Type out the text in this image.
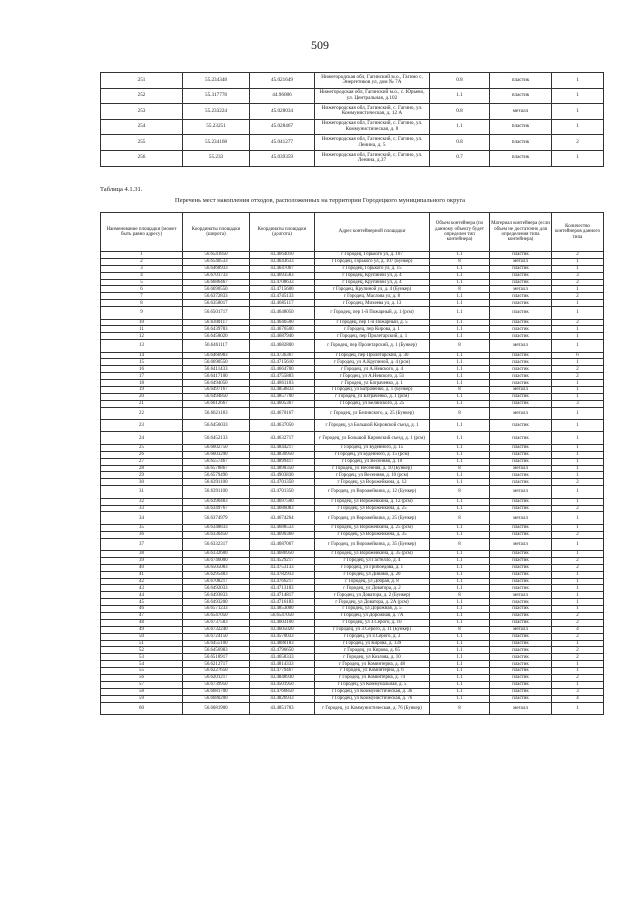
509
251	55.234348	45.021649	Нижегородская обл, Гагинский м.о., Гагино с, Энергетиков ул, дом № 7А	0.8	пластик	1
252	55.317778	44.96086	Нижегородская обл, Гагинский м.о., с. Юрьево, ул. Центральная, д.102	1.1	пластик	1
253	55.233224	45.028034	Нижегородская обл, Гагинский, с. Гагино, ул. Коммунистическая, д. 12 А	0.8	металл	1
254	55.23251	45.028467	Нижегородская обл, Гагинский, с. Гагино, ул. Коммунистическая, д. 8	1.1	пластик	1
255	55.234168	45.041277	Нижегородская обл, Гагинский, с. Гагино, ул. Ленина, д. 5	0.8	пластик	2
256	55.233	45.039359	Нижегородская обл, Гагинский, с. Гагино, ул. Ленина, д.37	0.7	пластик	1
Таблица 4.1.31.
Перечень мест накопления отходов, расположенных на территории Городецкого муниципального округа
Наименование площадки (может быть равно адресу)	Координаты площадки (широта)	Координаты площадки (долгота)	Адрес контейнерной площадки	Объем контейнера (по данному объекту будет определен тип контейнера)	Материал контейнера (если объем не достаточно для определения типа контейнера)	Количество контейнеров данного типа
1	56.6541850	43.4664010	г Городец, Горького ул, д. 107	1.1	пластик	2
2	56.6540533	43.4643633	г Городец, Горького ул, д. 107 (Бункер)	8	металл	1
3	56.6468933	43.4647067	г Городец, Горького ул, д. 15	1.1	пластик	1
4	56.6701733	43.4693583	г Городец, Крупиной ул, д. 4	1.1	пластик	3
5	56.6686467	43.4708633	г Городец, Крупиной ул, д. 4	1.1	пластик	2
6	56.6690550	43.4715600	г Городец, Крупиной ул, д. 4 (Бункер)	8	металл	1
7	56.6372833	43.4745133	г Городец, Маслова ул, д. 8	1.1	пластик	2
8	56.6358017	43.4685117	г Городец, Михеева ул, д. 13	1.1	пластик	1
9	56.6501717	43.4648050	г Городец, пер 1-й Пожарный, д. 1 (рсм)	1.1	пластик	1
10	56.6300117	43.4646500	г Городец, пер 1-й Пожарный, д. 5	1.1	пластик	2
11	56.6439783	43.4676500	г Городец, пер Кирова, д. 1	1.1	пластик	1
12	56.6458020	43.4687940	г Городец, пер Пролетарский, д. 1	1.1	пластик	1
13	56.6461117	43.4682800	г Городец, пер Пролетарский, д. 1 (Бункер)	8	металл	1
14	56.6466983	43.4736367	г Городец, пер Пролетарский, д. 30	1.1	пластик	6
15	56.6690550	43.4715610	г Городец, ул А.Крупиной, д. 4 (рсм)	1.1	пластик	1
16	56.6411433	43.4664700	г Городец, ул А.Невского, д. 4	1.1	пластик	2
17	56.6417100	43.4755883	г Городец, ул А.Невского, д. 51	1.1	пластик	2
18	56.6494050	43.4861183	г Городец, ул Батраченко, д. 1	1.1	пластик	1
19	56.6497167	43.4858833	г Городец, ул Батраченко, д. 1 (Бункер)	8	металл	1
20	56.6494850	43.4857700	г Городец, ул Батраченко, д. 1 (рсм)	1.1	пластик	1
21	56.6612667	43.4605367	г Городец, ул Белинского, д. 25	1.1	пластик	3
22	56.6621183	43.4670167	г Городец, ул Белинского, д. 25 (Бункер)	8	металл	1
23	56.6456033	43.4637050	г Городец, ул Большой Кировской съезд, д. 1	1.1	пластик	1
24	56.6452133	43.4632717	г Городец, ул Большой Кировский съезд, д. 1 (рсм)	1.1	пластик	1
25	56.6602750	43.4844217	г Городец, ул Буденного, д. 15	1.1	пластик	1
26	56.6603290	43.4830950	г Городец, ул Буденного, д. 15 (рсм)	1.1	пластик	1
27	56.6557467	43.4899417	г Городец, ул Весенняя, д. 10	1.1	пластик	1
28	56.6578867	43.4898350	г Городец, ул Весенняя, д. 10 (Бункер)	8	металл	1
29	56.6579490	43.4903830	г Городец, ул Весенняя, д. 10 (рсм)	1.1	пластик	1
30	56.6391100	43.4701350	г Городец, ул Ворожейкина, д. 12	1.1	пластик	2
31	56.6391100	43.4701350	г Городец, ул Ворожейкина, д. 12 (Бункер)	8	металл	1
32	56.6390483	43.4697500	г Городец, ул Ворожейкина, д. 12 (рсм)	1.1	пластик	1
33	56.6349767	43.4686083	г Городец, ул Ворожейкина, д. 25	1.1	пластик	2
34	56.6374979	43.4674264	г Городец, ул Ворожейкина, д. 25 (Бункер)	8	металл	1
35	56.6348833	43.4688533	г Городец, ул Ворожейкина, д. 25 (рсм)	1.1	пластик	1
36	56.6336450	43.4690360	г Городец, ул Ворожейкина, д. 35	1.1	пластик	2
37	56.6332317	43.4687067	г Городец, ул Ворожейкина, д. 35 (Бункер)	8	металл	1
38	56.6332600	43.4686950	г Городец, ул Ворожейкина, д. 35 (рсм)	1.1	пластик	1
39	56.6746000	43.4529217	г Городец, ул Гастелло, д. 4	1.1	пластик	2
40	56.6505083	43.4753133	г Городец, ул Грибоедова, д. 1	1.1	пластик	2
41	56.6295483	43.4782933	г Городец, ул Динамо, д. 20	1.1	пластик	1
42	56.6708217	43.4766217	г Городец, ул Добрая, д. 8	1.1	пластик	1
43	56.6492033	43.4713183	г Городец, ул Доватора, д. 2	1.1	пластик	1
44	56.6493833	43.4714817	г Городец, ул Доватора, д. 2 (Бункер)	8	металл	1
45	56.6493200	43.4716183	г Городец, ул Доватора, д. 2А (рсм)	1.1	пластик	1
46	56.6571233	43.4853000	г Городец, ул Дорожная, д. 5	1.1	пластик	1
47	56.6547050	56.6547050	г Городец, ул Дорожная, д. 7А	1.1	пластик	2
48	56.6737583	43.4603100	г Городец, ул З.Серого, д. 10	1.1	пластик	2
49	56.6732240	43.4605020	г Городец, ул З.Серого, д. 11 (Бункер)	8	металл	4
50	56.6724150	43.4570033	г Городец, ул З.Серого, д. 3	1.1	пластик	2
51	56.6455100	43.4880183	г Городец, ул Кирова, д. 139	1.1	пластик	1
52	56.6456983	43.4796650	г Городец, ул Кирова, д. 65	1.1	пластик	2
53	56.6518917	43.4658333	г Городец, ул Козлова, д. 10	1.1	пластик	2
54	56.6212717	43.4814333	г Городец, ул Коминтерна, д. 48	1.1	пластик	1
55	56.6227650	43.4779467	г Городец, ул Коминтерна, д. 6	1.1	пластик	1
56	56.6201217	43.4848930	г Городец, ул Коминтерна, д. 74	1.1	пластик	2
57	56.6739950	43.4501950	г Городец, ул Коммунальная, д. 5	1.1	пластик	1
58	56.6681700	43.4766850	г Городец, ул Коммунистическая, д. 36	1.1	пластик	3
59	56.6680200	43.4826933	г Городец, ул Коммунистическая, д. 76	1.1	пластик	4
60	56.6681900	43.4851783	г Городец, ул Коммунистическая, д. 76 (Бункер)	8	металл	1
